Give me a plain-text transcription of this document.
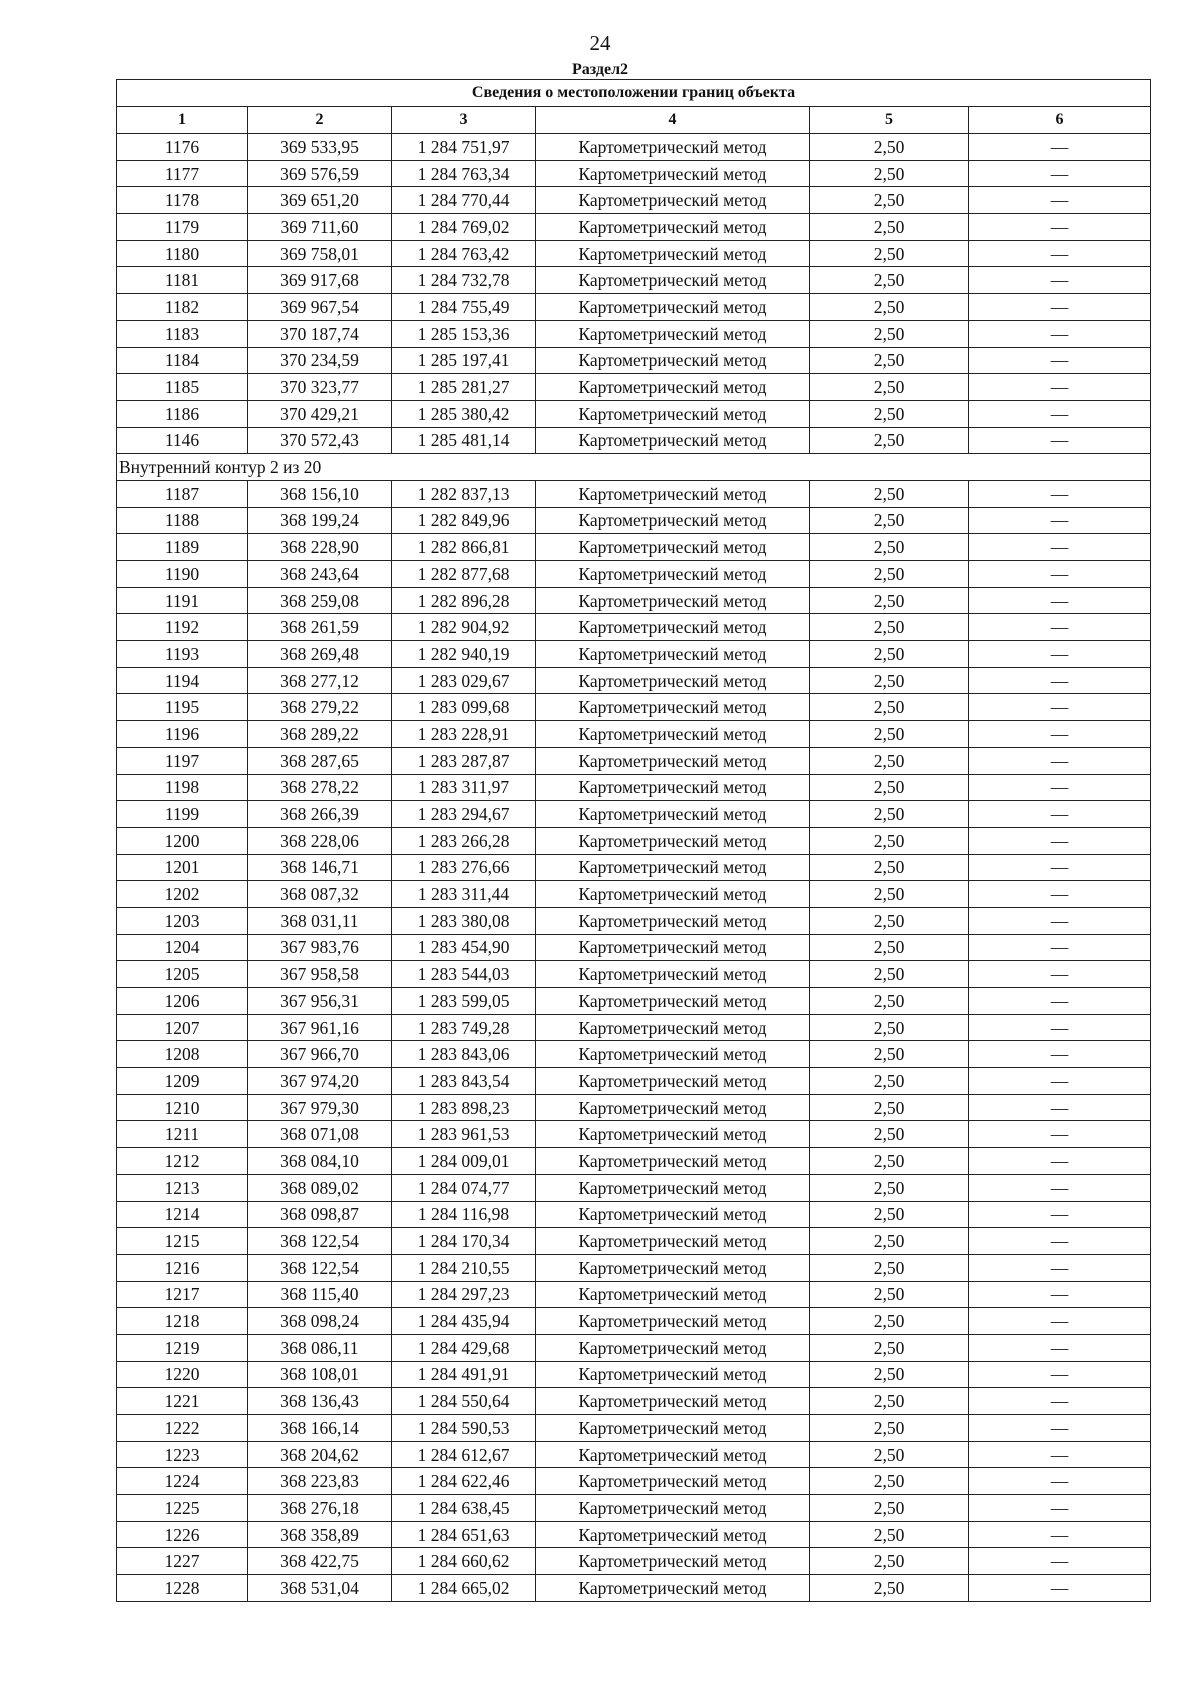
24
Раздел2
Сведения о местоположении границ объекта					
1	2	3	4	5	6
1176	369 533,95	1 284 751,97	Картометрический метод	2,50	—
1177	369 576,59	1 284 763,34	Картометрический метод	2,50	—
1178	369 651,20	1 284 770,44	Картометрический метод	2,50	—
1179	369 711,60	1 284 769,02	Картометрический метод	2,50	—
1180	369 758,01	1 284 763,42	Картометрический метод	2,50	—
1181	369 917,68	1 284 732,78	Картометрический метод	2,50	—
1182	369 967,54	1 284 755,49	Картометрический метод	2,50	—
1183	370 187,74	1 285 153,36	Картометрический метод	2,50	—
1184	370 234,59	1 285 197,41	Картометрический метод	2,50	—
1185	370 323,77	1 285 281,27	Картометрический метод	2,50	—
1186	370 429,21	1 285 380,42	Картометрический метод	2,50	—
1146	370 572,43	1 285 481,14	Картометрический метод	2,50	—
Внутренний контур 2 из 20					
1187	368 156,10	1 282 837,13	Картометрический метод	2,50	—
1188	368 199,24	1 282 849,96	Картометрический метод	2,50	—
1189	368 228,90	1 282 866,81	Картометрический метод	2,50	—
1190	368 243,64	1 282 877,68	Картометрический метод	2,50	—
1191	368 259,08	1 282 896,28	Картометрический метод	2,50	—
1192	368 261,59	1 282 904,92	Картометрический метод	2,50	—
1193	368 269,48	1 282 940,19	Картометрический метод	2,50	—
1194	368 277,12	1 283 029,67	Картометрический метод	2,50	—
1195	368 279,22	1 283 099,68	Картометрический метод	2,50	—
1196	368 289,22	1 283 228,91	Картометрический метод	2,50	—
1197	368 287,65	1 283 287,87	Картометрический метод	2,50	—
1198	368 278,22	1 283 311,97	Картометрический метод	2,50	—
1199	368 266,39	1 283 294,67	Картометрический метод	2,50	—
1200	368 228,06	1 283 266,28	Картометрический метод	2,50	—
1201	368 146,71	1 283 276,66	Картометрический метод	2,50	—
1202	368 087,32	1 283 311,44	Картометрический метод	2,50	—
1203	368 031,11	1 283 380,08	Картометрический метод	2,50	—
1204	367 983,76	1 283 454,90	Картометрический метод	2,50	—
1205	367 958,58	1 283 544,03	Картометрический метод	2,50	—
1206	367 956,31	1 283 599,05	Картометрический метод	2,50	—
1207	367 961,16	1 283 749,28	Картометрический метод	2,50	—
1208	367 966,70	1 283 843,06	Картометрический метод	2,50	—
1209	367 974,20	1 283 843,54	Картометрический метод	2,50	—
1210	367 979,30	1 283 898,23	Картометрический метод	2,50	—
1211	368 071,08	1 283 961,53	Картометрический метод	2,50	—
1212	368 084,10	1 284 009,01	Картометрический метод	2,50	—
1213	368 089,02	1 284 074,77	Картометрический метод	2,50	—
1214	368 098,87	1 284 116,98	Картометрический метод	2,50	—
1215	368 122,54	1 284 170,34	Картометрический метод	2,50	—
1216	368 122,54	1 284 210,55	Картометрический метод	2,50	—
1217	368 115,40	1 284 297,23	Картометрический метод	2,50	—
1218	368 098,24	1 284 435,94	Картометрический метод	2,50	—
1219	368 086,11	1 284 429,68	Картометрический метод	2,50	—
1220	368 108,01	1 284 491,91	Картометрический метод	2,50	—
1221	368 136,43	1 284 550,64	Картометрический метод	2,50	—
1222	368 166,14	1 284 590,53	Картометрический метод	2,50	—
1223	368 204,62	1 284 612,67	Картометрический метод	2,50	—
1224	368 223,83	1 284 622,46	Картометрический метод	2,50	—
1225	368 276,18	1 284 638,45	Картометрический метод	2,50	—
1226	368 358,89	1 284 651,63	Картометрический метод	2,50	—
1227	368 422,75	1 284 660,62	Картометрический метод	2,50	—
1228	368 531,04	1 284 665,02	Картометрический метод	2,50	—
